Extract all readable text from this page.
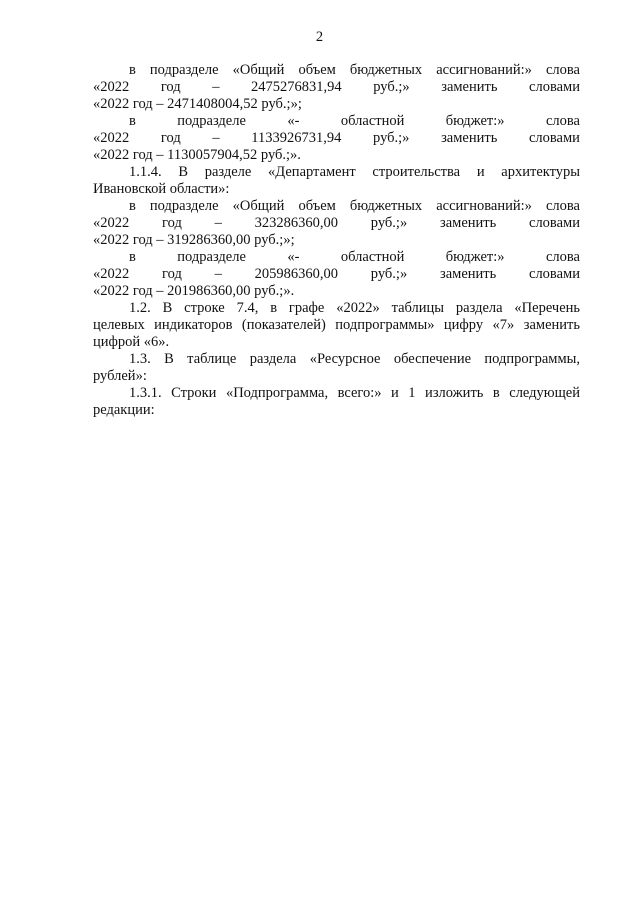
2
в подразделе «Общий объем бюджетных ассигнований:» слова
«2022 год – 2475276831,94 руб.;» заменить словами
«2022 год – 2471408004,52 руб.;»;
в	подразделе	«-	областной	бюджет:»	слова
«2022 год – 1133926731,94 руб.;» заменить словами
«2022 год – 1130057904,52 руб.;».
1.1.4. В разделе «Департамент строительства и архитектуры
Ивановской области»:
в подразделе «Общий объем бюджетных ассигнований:» слова
«2022 год – 323286360,00 руб.;» заменить словами
«2022 год – 319286360,00 руб.;»;
в	подразделе	«-	областной	бюджет:»	слова
«2022 год – 205986360,00 руб.;» заменить словами
«2022 год – 201986360,00 руб.;».
1.2. В строке 7.4, в графе «2022» таблицы раздела «Перечень
целевых индикаторов (показателей) подпрограммы» цифру «7» заменить
цифрой «6».
1.3. В таблице раздела «Ресурсное обеспечение подпрограммы,
рублей»:
1.3.1. Строки «Подпрограмма, всего:» и 1 изложить в следующей
редакции:
